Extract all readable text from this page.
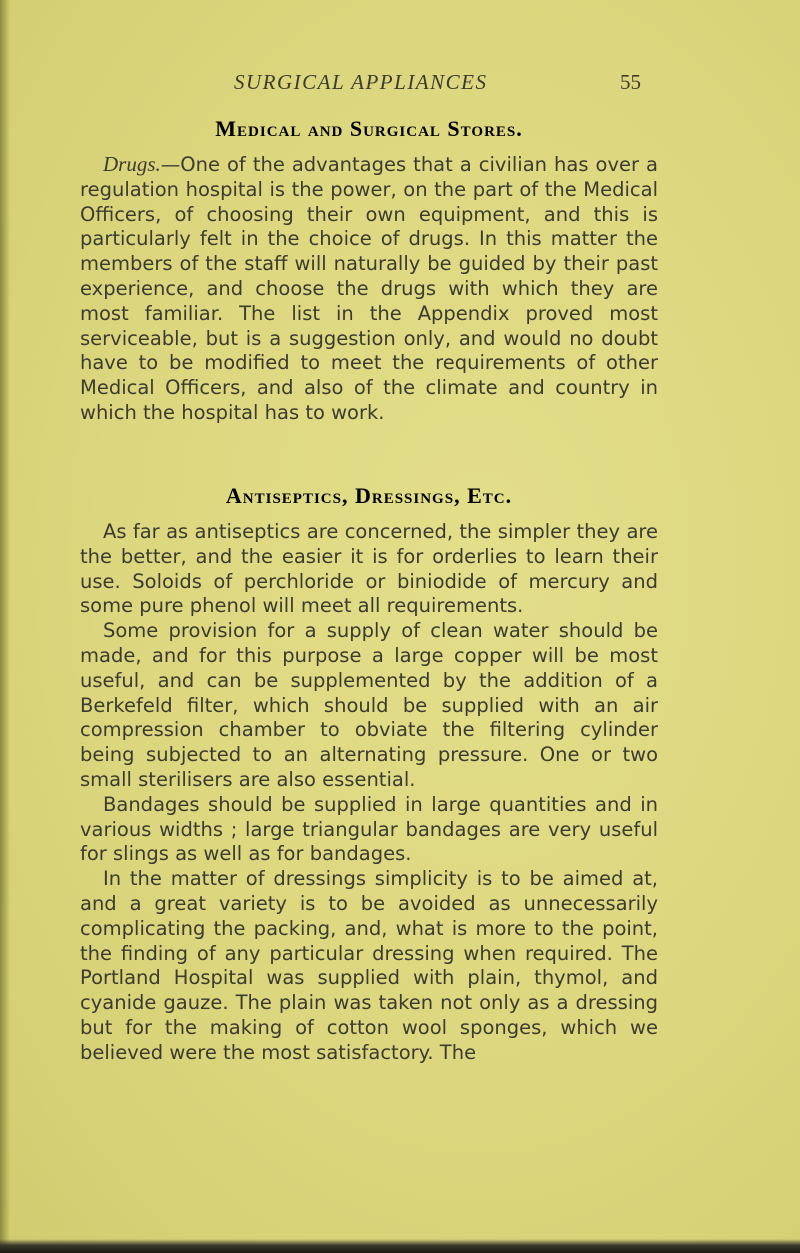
SURGICAL APPLIANCES	55
Medical and Surgical Stores.

Drugs.—One of the advantages that a civilian has over a regulation hospital is the power, on the part of the Medical Officers, of choosing their own equipment, and this is particularly felt in the choice of drugs. In this matter the members of the staff will naturally be guided by their past experience, and choose the drugs with which they are most familiar. The list in the Appendix proved most serviceable, but is a suggestion only, and would no doubt have to be modified to meet the requirements of other Medical Officers, and also of the climate and country in which the hospital has to work.

Antiseptics, Dressings, Etc.

As far as antiseptics are concerned, the simpler they are the better, and the easier it is for orderlies to learn their use. Soloids of perchloride or biniodide of mercury and some pure phenol will meet all requirements.

Some provision for a supply of clean water should be made, and for this purpose a large copper will be most useful, and can be supplemented by the addition of a Berkefeld filter, which should be supplied with an air compression chamber to obviate the filtering cylinder being subjected to an alternating pressure. One or two small sterilisers are also essential.

Bandages should be supplied in large quantities and in various widths ; large triangular bandages are very useful for slings as well as for bandages.

In the matter of dressings simplicity is to be aimed at, and a great variety is to be avoided as unnecessarily complicating the packing, and, what is more to the point, the finding of any particular dressing when required. The Portland Hospital was supplied with plain, thymol, and cyanide gauze. The plain was taken not only as a dressing but for the making of cotton wool sponges, which we believed were the most satisfactory. The
